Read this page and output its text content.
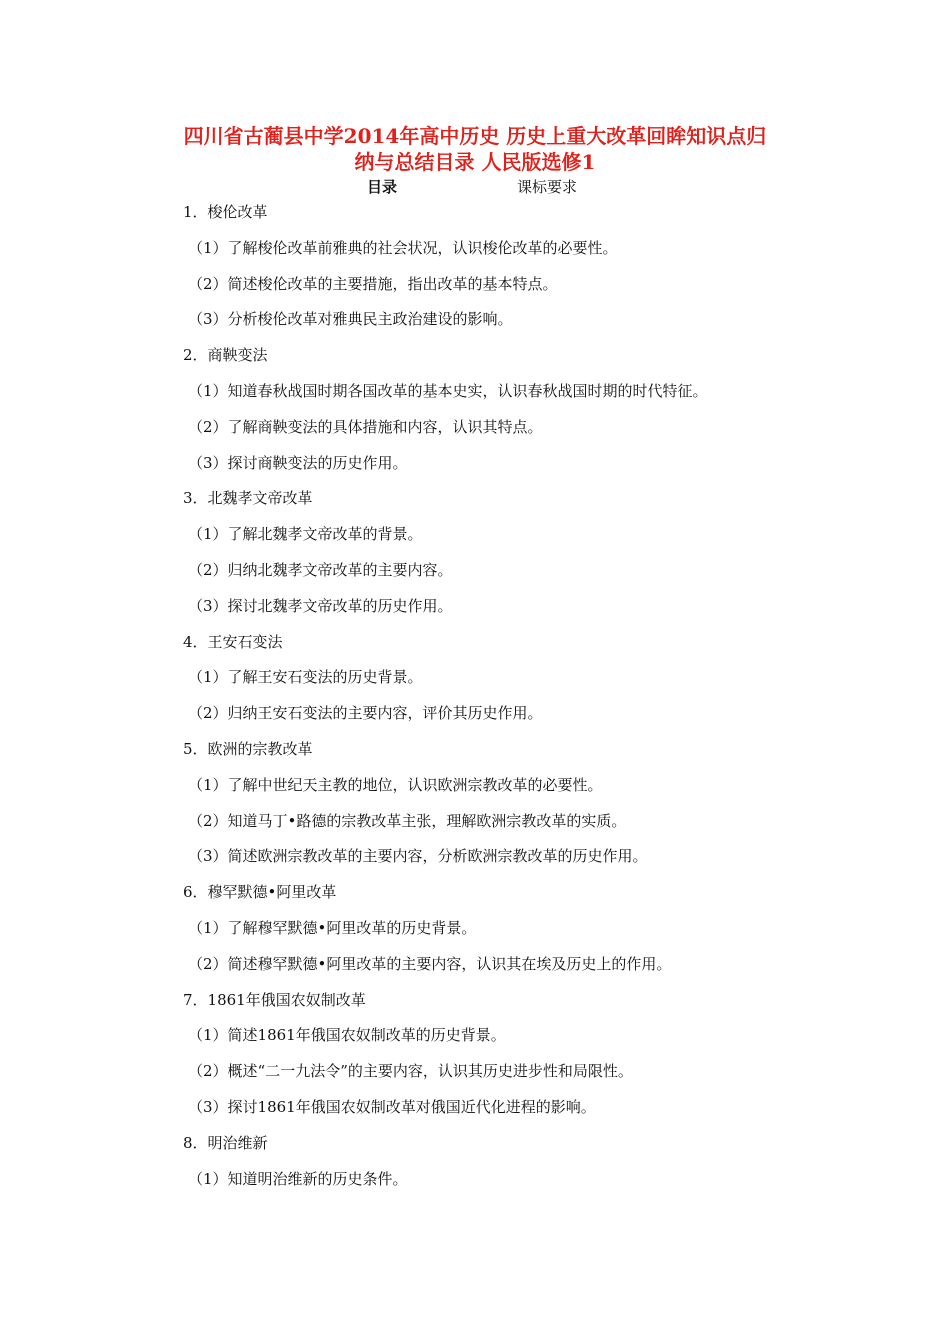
四川省古蔺县中学2014年高中历史 历史上重大改革回眸知识点归
纳与总结目录 人民版选修1
目录	课标要求
1．梭伦改革
（1）了解梭伦改革前雅典的社会状况，认识梭伦改革的必要性。
（2）简述梭伦改革的主要措施，指出改革的基本特点。
（3）分析梭伦改革对雅典民主政治建设的影响。
2．商鞅变法
（1）知道春秋战国时期各国改革的基本史实，认识春秋战国时期的时代特征。
（2）了解商鞅变法的具体措施和内容，认识其特点。
（3）探讨商鞅变法的历史作用。
3．北魏孝文帝改革
（1）了解北魏孝文帝改革的背景。
（2）归纳北魏孝文帝改革的主要内容。
（3）探讨北魏孝文帝改革的历史作用。
4．王安石变法
（1）了解王安石变法的历史背景。
（2）归纳王安石变法的主要内容，评价其历史作用。
5．欧洲的宗教改革
（1）了解中世纪天主教的地位，认识欧洲宗教改革的必要性。
（2）知道马丁•路德的宗教改革主张，理解欧洲宗教改革的实质。
（3）简述欧洲宗教改革的主要内容，分析欧洲宗教改革的历史作用。
6．穆罕默德•阿里改革
（1）了解穆罕默德•阿里改革的历史背景。
（2）简述穆罕默德•阿里改革的主要内容，认识其在埃及历史上的作用。
7．1861年俄国农奴制改革
（1）简述1861年俄国农奴制改革的历史背景。
（2）概述“二一九法令”的主要内容，认识其历史进步性和局限性。
（3）探讨1861年俄国农奴制改革对俄国近代化进程的影响。
8．明治维新
（1）知道明治维新的历史条件。
